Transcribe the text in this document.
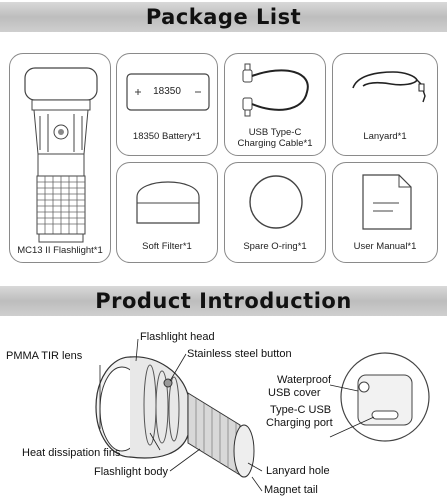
Package List
MC13 II Flashlight*1
18350
18350 Battery*1	USB Type-C
Charging Cable*1
Lanyard*1
Soft Filter*1	Spare O-ring*1	User Manual*1
Product Introduction
Flashlight head
PMMA TIR lens	Stainless steel button
Waterproof
USB cover
Type-C USB
Charging port
Lanyard hole
Heat dissipation fins
Magnet tail
Flashlight body
